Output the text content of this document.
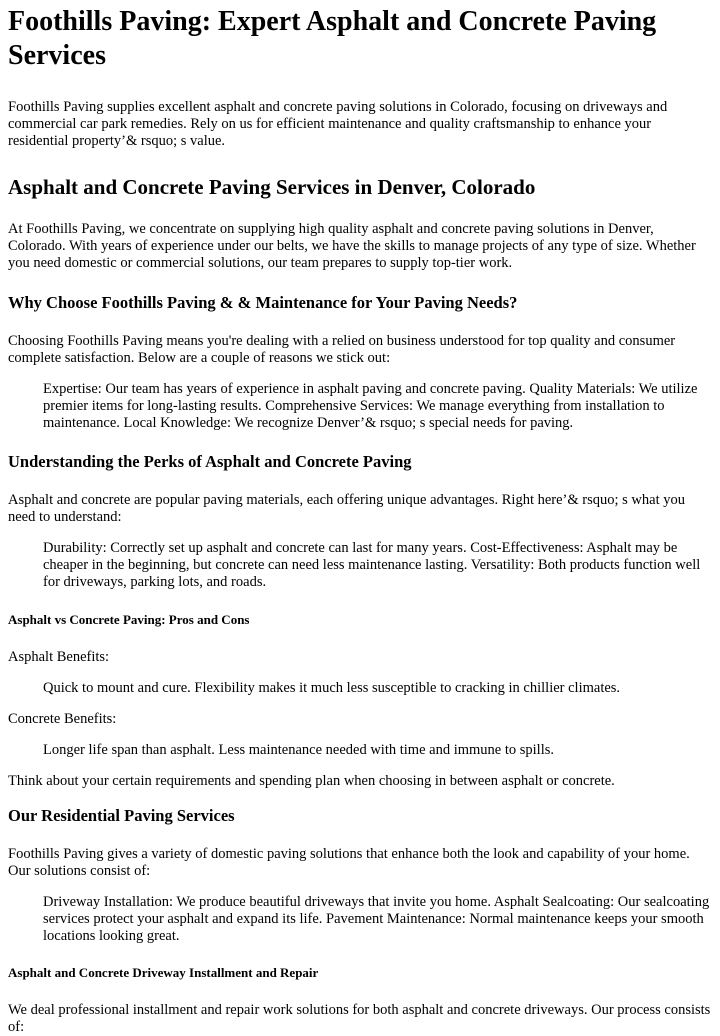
Foothills Paving: Expert Asphalt and Concrete Paving Services

Foothills Paving supplies excellent asphalt and concrete paving solutions in Colorado, focusing on driveways and commercial car park remedies. Rely on us for efficient maintenance and quality craftsmanship to enhance your residential property’& rsquo; s value.

Asphalt and Concrete Paving Services in Denver, Colorado

At Foothills Paving, we concentrate on supplying high quality asphalt and concrete paving solutions in Denver, Colorado. With years of experience under our belts, we have the skills to manage projects of any type of size. Whether you need domestic or commercial solutions, our team prepares to supply top-tier work.

Why Choose Foothills Paving & & Maintenance for Your Paving Needs?

Choosing Foothills Paving means you're dealing with a relied on business understood for top quality and consumer complete satisfaction. Below are a couple of reasons we stick out:

Expertise: Our team has years of experience in asphalt paving and concrete paving. Quality Materials: We utilize premier items for long-lasting results. Comprehensive Services: We manage everything from installation to maintenance. Local Knowledge: We recognize Denver’& rsquo; s special needs for paving.

Understanding the Perks of Asphalt and Concrete Paving

Asphalt and concrete are popular paving materials, each offering unique advantages. Right here’& rsquo; s what you need to understand:

Durability: Correctly set up asphalt and concrete can last for many years. Cost-Effectiveness: Asphalt may be cheaper in the beginning, but concrete can need less maintenance lasting. Versatility: Both products function well for driveways, parking lots, and roads.

Asphalt vs Concrete Paving: Pros and Cons

Asphalt Benefits:

Quick to mount and cure. Flexibility makes it much less susceptible to cracking in chillier climates.

Concrete Benefits:

Longer life span than asphalt. Less maintenance needed with time and immune to spills.

Think about your certain requirements and spending plan when choosing in between asphalt or concrete.

Our Residential Paving Services

Foothills Paving gives a variety of domestic paving solutions that enhance both the look and capability of your home. Our solutions consist of:

Driveway Installation: We produce beautiful driveways that invite you home. Asphalt Sealcoating: Our sealcoating services protect your asphalt and expand its life. Pavement Maintenance: Normal maintenance keeps your smooth locations looking great.

Asphalt and Concrete Driveway Installment and Repair

We deal professional installment and repair work solutions for both asphalt and concrete driveways. Our process consists of:
